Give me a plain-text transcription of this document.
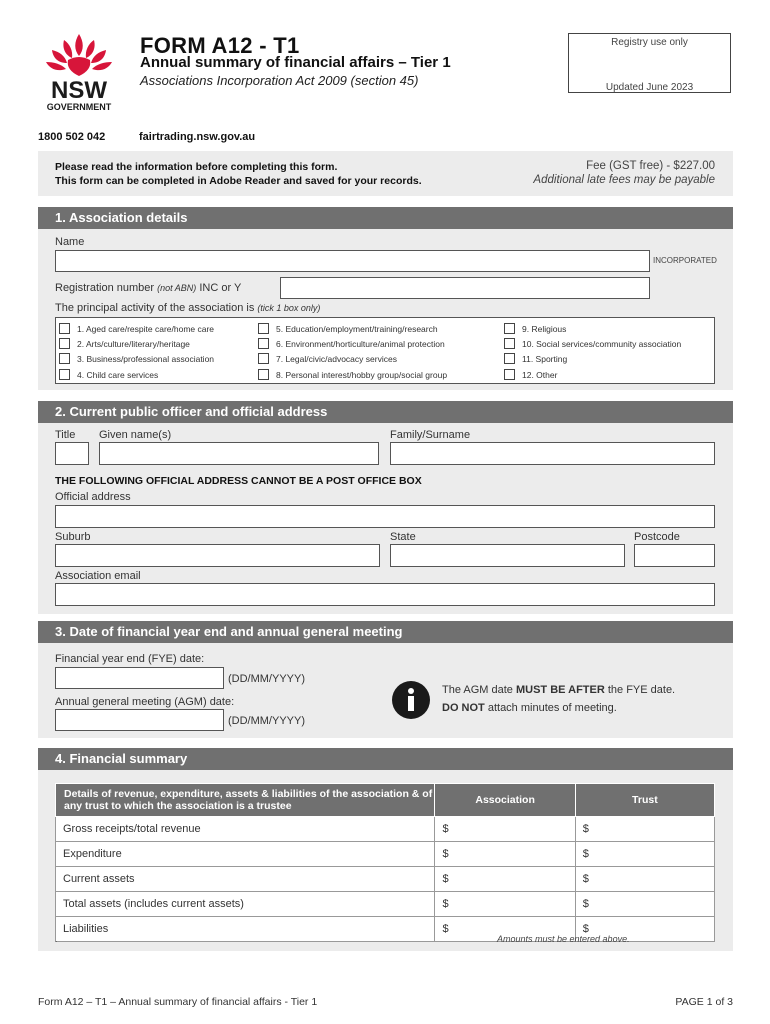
NSW
GOVERNMENT
FORM A12 - T1
Annual summary of financial affairs – Tier 1
Associations Incorporation Act 2009 (section 45)
Registry use only
Updated June 2023
1800 502 042	fairtrading.nsw.gov.au
Please read the information before completing this form.
This form can be completed in Adobe Reader and saved for your records.
Fee (GST free) - $227.00
Additional late fees may be payable
1. Association details
Name
INCORPORATED
Registration number (not ABN) INC or Y
The principal activity of the association is (tick 1 box only)
1. Aged care/respite care/home care
2. Arts/culture/literary/heritage
3. Business/professional association
4. Child care services
5. Education/employment/training/research
6. Environment/horticulture/animal protection
7. Legal/civic/advocacy services
8. Personal interest/hobby group/social group
9. Religious
10. Social services/community association
11. Sporting
12. Other
2. Current public officer and official address
Title Given name(s)	Family/Surname
THE FOLLOWING OFFICIAL ADDRESS CANNOT BE A POST OFFICE BOX
Official address
Suburb	State	Postcode
Association email
3. Date of financial year end and annual general meeting
Financial year end (FYE) date:
(DD/MM/YYYY)
Annual general meeting (AGM) date:
(DD/MM/YYYY)
The AGM date MUST BE AFTER the FYE date.
DO NOT attach minutes of meeting.
4. Financial summary
Details of revenue, expenditure, assets & liabilities of the association & of any trust to which the association is a trustee	Association	Trust
Gross receipts/total revenue	$	$
Expenditure	$	$
Current assets	$	$
Total assets (includes current assets)	$	$
Liabilities	$	$
.	Amounts must be entered above.
Form A12 – T1 – Annual summary of financial affairs - Tier 1	PAGE 1 of 3
